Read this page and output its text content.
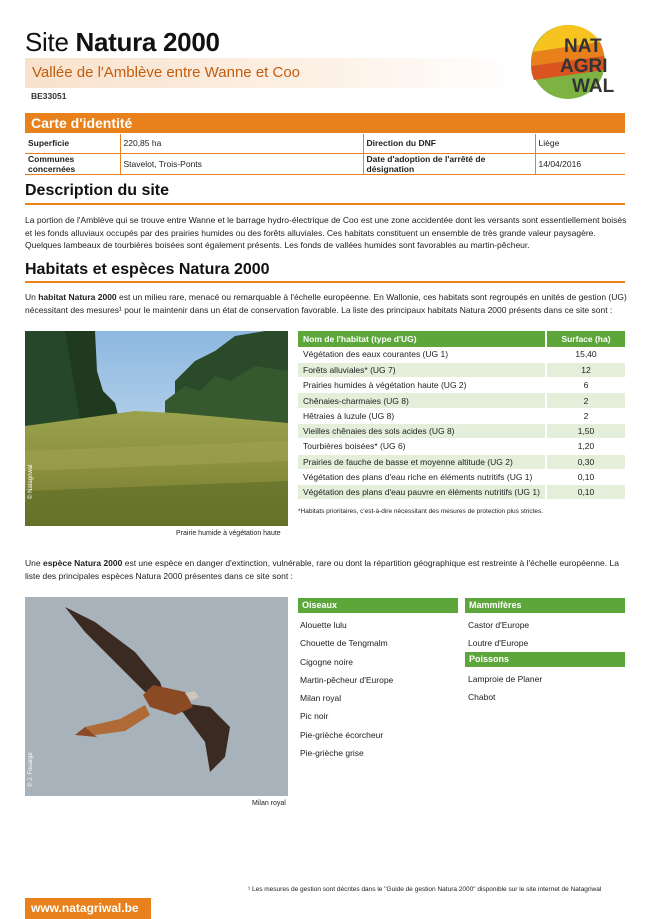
Site Natura 2000
Vallée de l'Amblève entre Wanne et Coo
BE33051
NAT
AGRI
WAL
Carte d'identité
Superficie	220,85 ha	Direction du DNF	Liège
Communes concernées	Stavelot, Trois-Ponts	Date d'adoption de l'arrêté de désignation	14/04/2016
Description du site
La portion de l'Amblève qui se trouve entre Wanne et le barrage hydro-électrique de Coo est une zone accidentée dont les versants sont essentiellement boisés et les fonds alluviaux occupés par des prairies humides ou des forêts alluviales. Ces habitats constituent un ensemble de très grande valeur paysagère. Quelques lambeaux de tourbières boisées sont également présents. Les fonds de vallées humides sont favorables au martin-pêcheur.
Habitats et espèces Natura 2000
Un habitat Natura 2000 est un milieu rare, menacé ou remarquable à l'échelle européenne. En Wallonie, ces habitats sont regroupés en unités de gestion (UG) nécessitant des mesures¹ pour le maintenir dans un état de conservation favorable. La liste des principaux habitats Natura 2000 présents dans ce site sont :
© Natagriwal
Prairie humide à végétation haute
Nom de l'habitat (type d'UG)	Surface (ha)
Végétation des eaux courantes (UG 1)	15,40
Forêts alluviales* (UG 7)	12
Prairies humides à végétation haute (UG 2)	6
Chênaies-charmaies (UG 8)	2
Hêtraies à luzule (UG 8)	2
Vieilles chênaies des sols acides (UG 8)	1,50
Tourbières boisées* (UG 6)	1,20
Prairies de fauche de basse et moyenne altitude (UG 2)	0,30
Végétation des plans d'eau riche en éléments nutritifs (UG 1)	0,10
Végétation des plans d'eau pauvre en éléments nutritifs (UG 1)	0,10
*Habitats prioritaires, c'est-à-dire nécessitant des mesures de protection plus strictes.
Une espèce Natura 2000 est une espèce en danger d'extinction, vulnérable, rare ou dont la répartition géographique est restreinte à l'échelle européenne. La liste des principales espèces Natura 2000 présentes dans ce site sont :
© J. Fouarge
Milan royal
Oiseaux
Alouette lulu
Chouette de Tengmalm
Cigogne noire
Martin-pêcheur d'Europe
Milan royal
Pic noir
Pie-grièche écorcheur
Pie-grièche grise
Mammifères
Castor d'Europe
Loutre d'Europe
Poissons
Lamproie de Planer
Chabot
¹ Les mesures de gestion sont décrites dans le "Guide de gestion Natura 2000" disponible sur le site internet de Natagriwal
www.natagriwal.be
